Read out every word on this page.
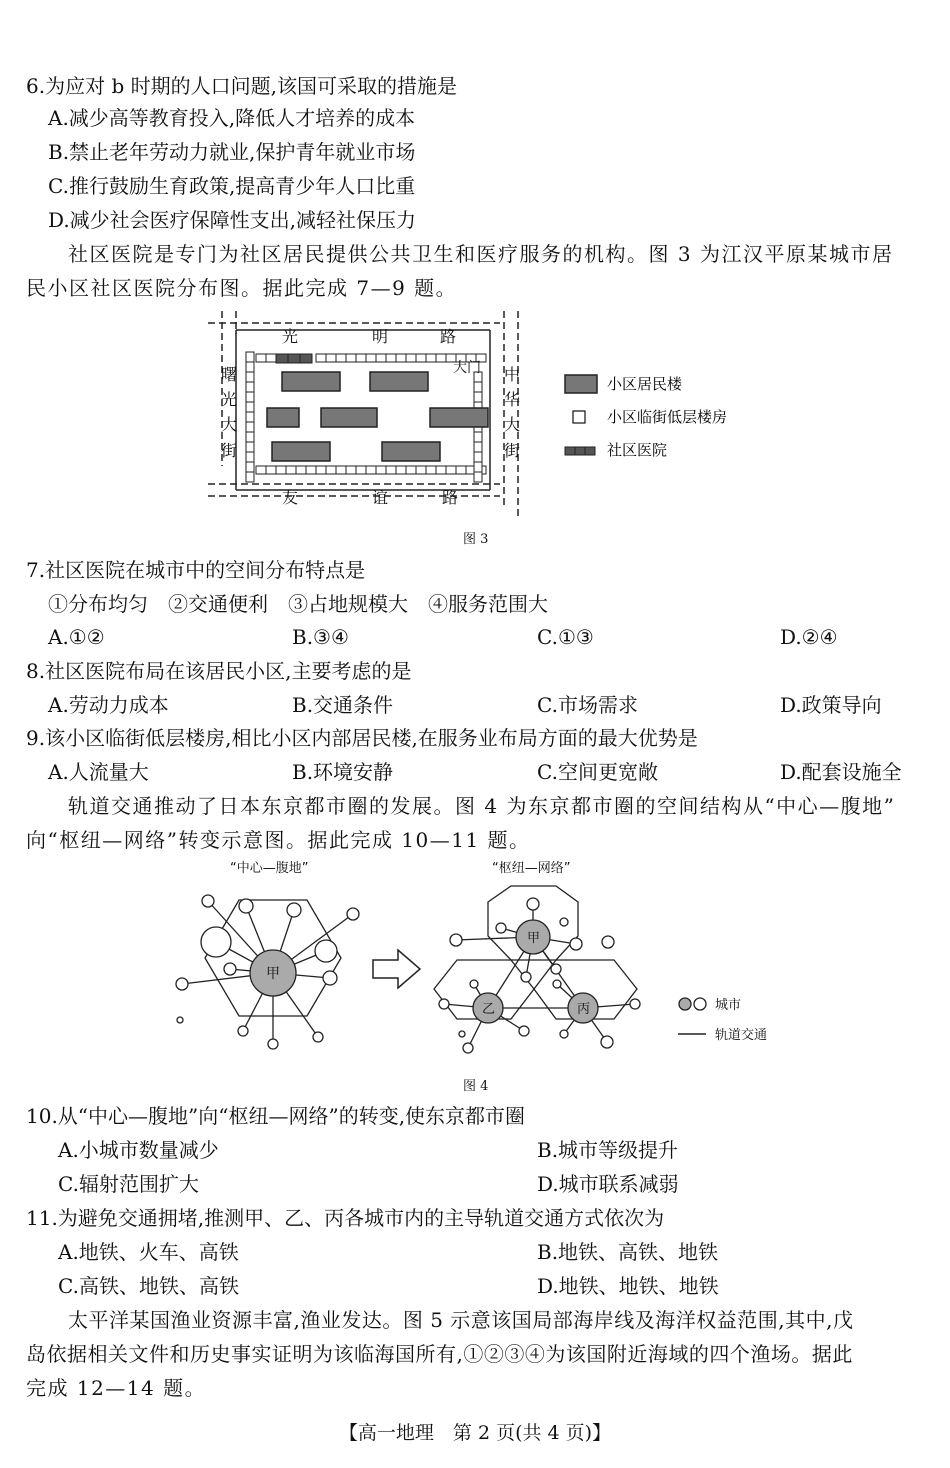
6.为应对 b 时期的人口问题,该国可采取的措施是
A.减少高等教育投入,降低人才培养的成本
B.禁止老年劳动力就业,保护青年就业市场
C.推行鼓励生育政策,提高青少年人口比重
D.减少社会医疗保障性支出,减轻社保压力
社区医院是专门为社区居民提供公共卫生和医疗服务的机构。图 3 为江汉平原某城市居
民小区社区医院分布图。据此完成 7—9 题。
光	明	路
友	谊	路
曙
光
大
街
中
华
大
街
大门
小区居民楼
小区临街低层楼房
社区医院
图 3
7.社区医院在城市中的空间分布特点是
①分布均匀　②交通便利　③占地规模大　④服务范围大
A.①②	B.③④	C.①③	D.②④
8.社区医院布局在该居民小区,主要考虑的是
A.劳动力成本	B.交通条件	C.市场需求	D.政策导向
9.该小区临街低层楼房,相比小区内部居民楼,在服务业布局方面的最大优势是
A.人流量大	B.环境安静	C.空间更宽敞	D.配套设施全
轨道交通推动了日本东京都市圈的发展。图 4 为东京都市圈的空间结构从“中心—腹地”
向“枢纽—网络”转变示意图。据此完成 10—11 题。
“中心—腹地”	“枢纽—网络”
甲
甲
乙	丙	城市
轨道交通
图 4
10.从“中心—腹地”向“枢纽—网络”的转变,使东京都市圈
A.小城市数量减少	B.城市等级提升
C.辐射范围扩大	D.城市联系减弱
11.为避免交通拥堵,推测甲、乙、丙各城市内的主导轨道交通方式依次为
A.地铁、火车、高铁	B.地铁、高铁、地铁
C.高铁、地铁、高铁	D.地铁、地铁、地铁
太平洋某国渔业资源丰富,渔业发达。图 5 示意该国局部海岸线及海洋权益范围,其中,戊
岛依据相关文件和历史事实证明为该临海国所有,①②③④为该国附近海域的四个渔场。据此
完成 12—14 题。
【高一地理　第 2 页(共 4 页)】
